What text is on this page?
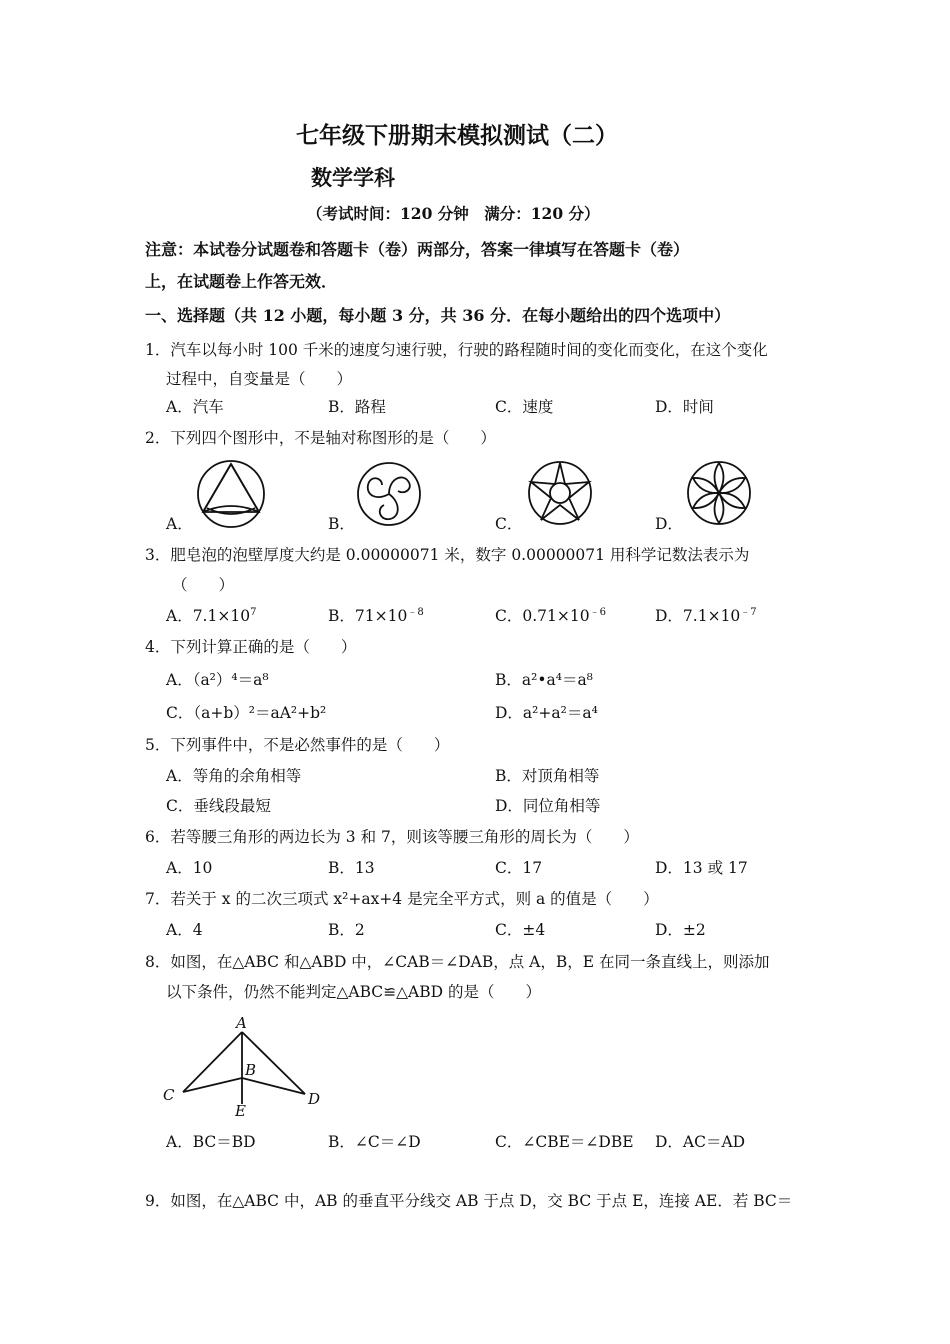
七年级下册期末模拟测试（二）
数学学科
（考试时间：120 分钟　满分：120 分）
注意：本试卷分试题卷和答题卡（卷）两部分，答案一律填写在答题卡（卷）
上，在试题卷上作答无效．
一、选择题（共 12 小题，每小题 3 分，共 36 分．在每小题给出的四个选项中）
1．汽车以每小时 100 千米的速度匀速行驶，行驶的路程随时间的变化而变化，在这个变化
过程中，自变量是（　　）
A．汽车	B．路程	C．速度	D．时间
2．下列四个图形中，不是轴对称图形的是（　　）
A．	B．	C．	D．
3．肥皂泡的泡壁厚度大约是 0.00000071 米，数字 0.00000071 用科学记数法表示为
（　　）
A．$7.1\times 10^7$	B．$71\times 10^{﹣8}$	C．$0.71\times 10^{﹣6}$	D．$7.1\times 10^{﹣7}$
4．下列计算正确的是（　　）
A．（a²）⁴＝a⁸	B．a²•a⁴＝a⁸
C．（a+b）²＝aA²+b²	D．a²+a²＝a⁴
5．下列事件中，不是必然事件的是（　　）
A．等角的余角相等	B．对顶角相等
C．垂线段最短	D．同位角相等
6．若等腰三角形的两边长为 3 和 7，则该等腰三角形的周长为（　　）
A．10	B．13	C．17	D．13 或 17
7．若关于 x 的二次三项式 x²+ax+4 是完全平方式，则 a 的值是（　　）
A．4	B．2	C．±4	D．±2
8．如图，在△ABC 和△ABD 中，∠CAB＝∠DAB，点 A，B，E 在同一条直线上，则添加
以下条件，仍然不能判定△ABC≌△ABD 的是（　　）
A
B
C	D
E
A．BC＝BD	B．∠C＝∠D	C．∠CBE＝∠DBE D．AC＝AD
9．如图，在△ABC 中，AB 的垂直平分线交 AB 于点 D，交 BC 于点 E，连接 AE．若 BC＝
